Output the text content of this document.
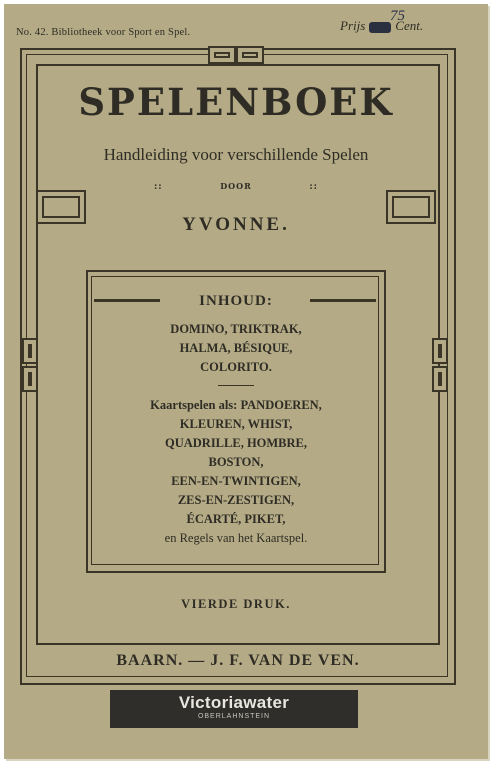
No. 42. Bibliotheek voor Sport en Spel.	Prijs Cent.
75
SPELENBOEK
Handleiding voor verschillende Spelen
::	DOOR	::
YVONNE.
INHOUD:
DOMINO, TRIKTRAK,
HALMA, BÉSIQUE,
COLORITO.
Kaartspelen als: PANDOEREN,
KLEUREN, WHIST,
QUADRILLE, HOMBRE,
BOSTON,
EEN-EN-TWINTIGEN,
ZES-EN-ZESTIGEN,
ÉCARTÉ, PIKET,
en Regels van het Kaartspel.
VIERDE DRUK.
BAARN. — J. F. VAN DE VEN.
Victoriawater
OBERLAHNSTEIN
